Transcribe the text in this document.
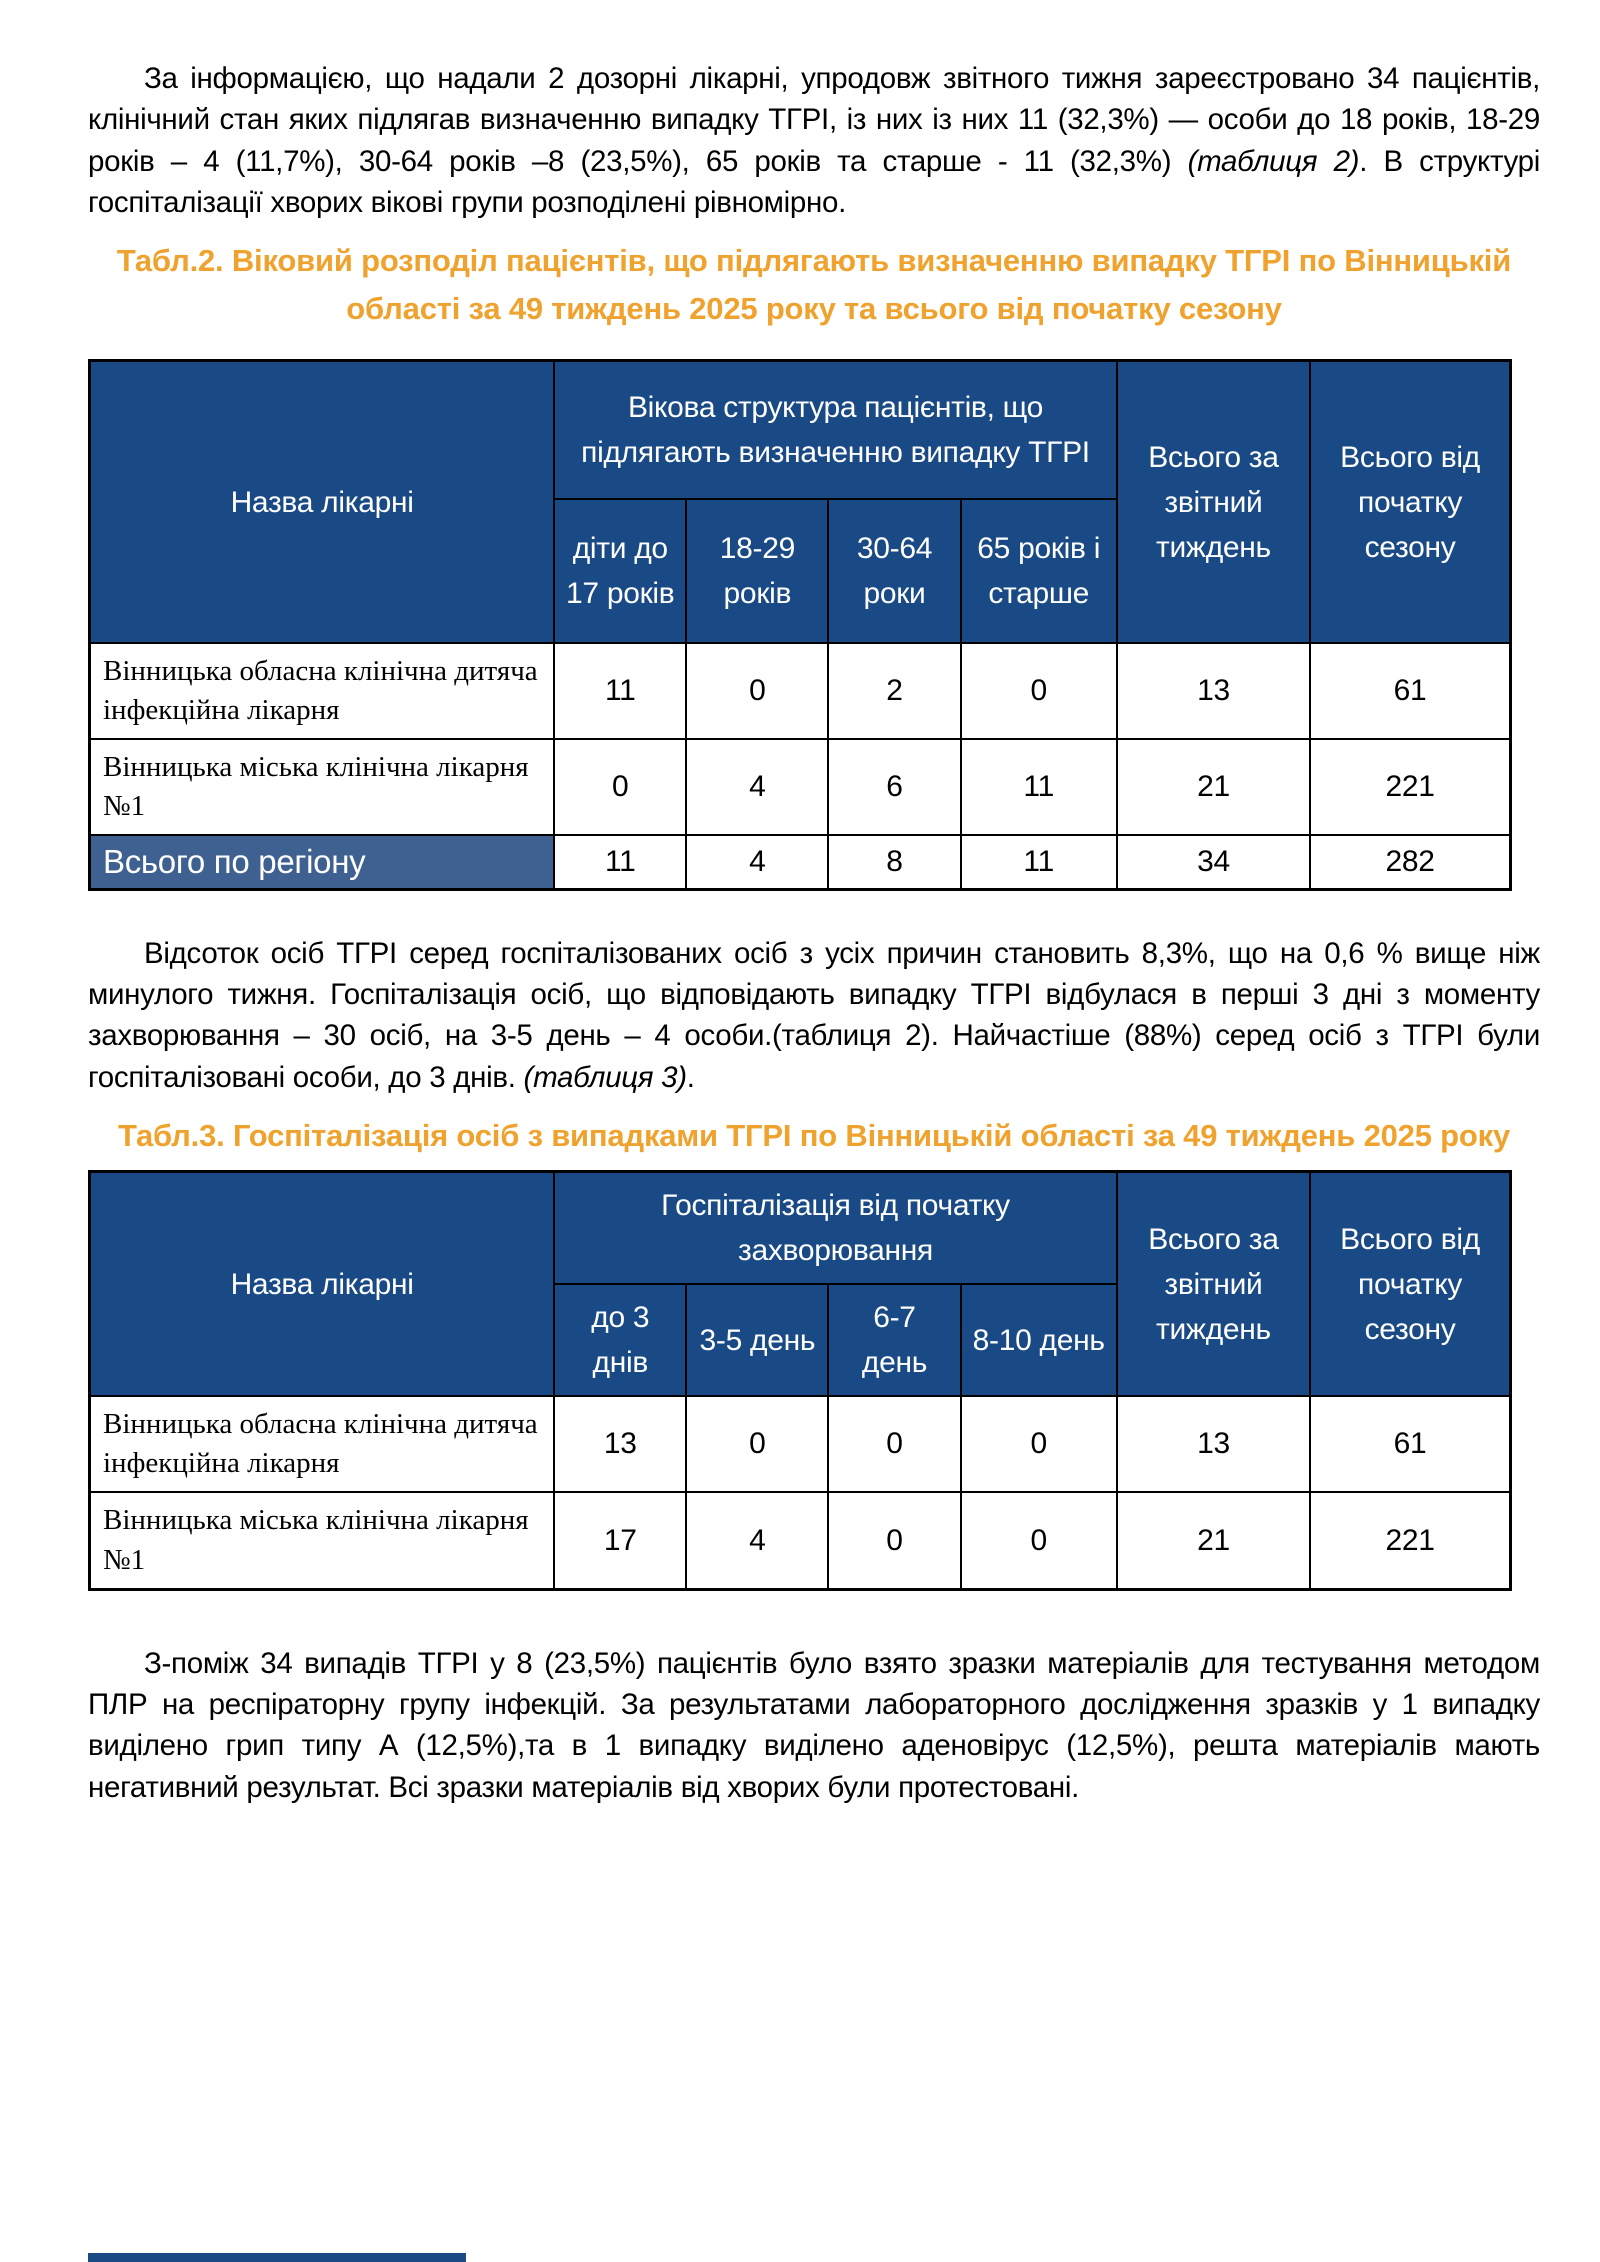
За інформацією, що надали 2 дозорні лікарні, упродовж звітного тижня зареєстровано 34 пацієнтів, клінічний стан яких підлягав визначенню випадку ТГРІ, із них із них 11 (32,3%) — особи до 18 років, 18-29 років – 4 (11,7%), 30-64 років –8 (23,5%), 65 років та старше - 11 (32,3%) (таблиця 2). В структурі госпіталізації хворих вікові групи розподілені рівномірно.

Табл.2. Віковий розподіл пацієнтів, що підлягають визначенню випадку ТГРІ по Вінницькій області за 49 тиждень 2025 року та всього від початку сезону
Назва лікарні	Вікова структура пацієнтів, що підлягають визначенню випадку ТГРІ				Всього за звітний тиждень	Всього від початку сезону
	діти до 17 років	18-29 років	30-64 роки	65 років і старше		
Вінницька обласна клінічна дитяча інфекційна лікарня	11	0	2	0	13	61
Вінницька міська клінічна лікарня №1	0	4	6	11	21	221
Всього по регіону	11	4	8	11	34	282

Відсоток осіб ТГРІ серед госпіталізованих осіб з усіх причин становить 8,3%, що на 0,6 % вище ніж минулого тижня. Госпіталізація осіб, що відповідають випадку ТГРІ відбулася в перші 3 дні з моменту захворювання – 30 осіб, на 3-5 день – 4 особи.(таблиця 2). Найчастіше (88%) серед осіб з ТГРІ були госпіталізовані особи, до 3 днів. (таблиця 3).

Табл.3. Госпіталізація осіб з випадками ТГРІ по Вінницькій області за 49 тиждень 2025 року
Назва лікарні	Госпіталізація від початку захворювання				Всього за звітний тиждень	Всього від початку сезону
	до 3 днів	3-5 день	6-7 день	8-10 день		
Вінницька обласна клінічна дитяча інфекційна лікарня	13	0	0	0	13	61
Вінницька міська клінічна лікарня №1	17	4	0	0	21	221

З-поміж 34 випадів ТГРІ у 8 (23,5%) пацієнтів було взято зразки матеріалів для тестування методом ПЛР на респіраторну групу інфекцій. За результатами лабораторного дослідження зразків у 1 випадку виділено грип типу А (12,5%),та в 1 випадку виділено аденовірус (12,5%), решта матеріалів мають негативний результат. Всі зразки матеріалів від хворих були протестовані.
